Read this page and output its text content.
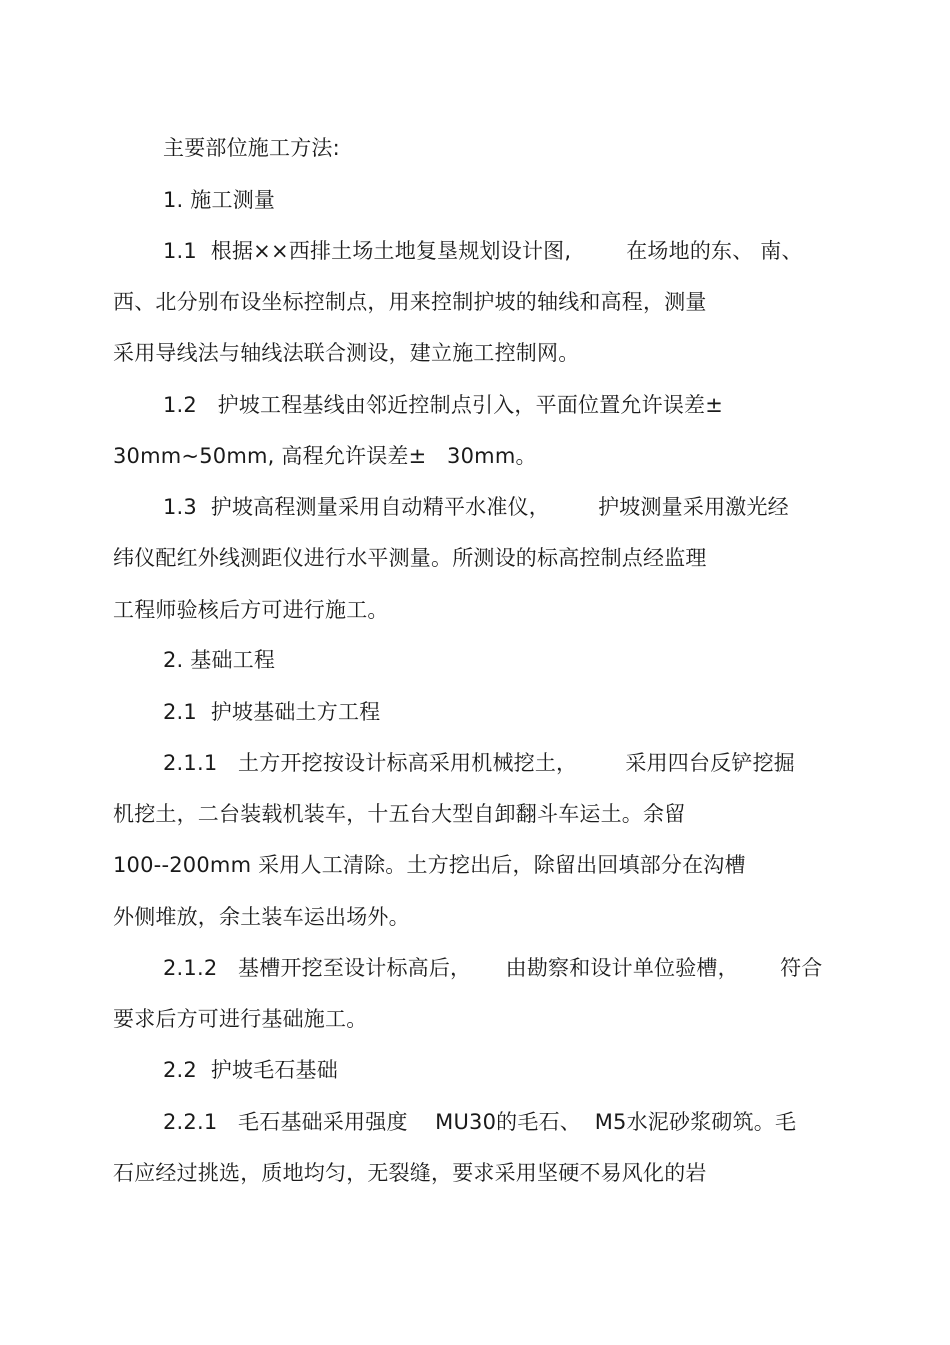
主要部位施工方法:
1. 施工测量
1.1  根据××西排土场土地复垦规划设计图,        在场地的东、 南、
西、北分别布设坐标控制点，用来控制护坡的轴线和高程，测量
采用导线法与轴线法联合测设，建立施工控制网。
1.2   护坡工程基线由邻近控制点引入，平面位置允许误差±
30mm~50mm, 高程允许误差±   30mm。
1.3  护坡高程测量采用自动精平水准仪，       护坡测量采用激光经
纬仪配红外线测距仪进行水平测量。所测设的标高控制点经监理
工程师验核后方可进行施工。
2. 基础工程
2.1  护坡基础土方工程
2.1.1   土方开挖按设计标高采用机械挖土，       采用四台反铲挖掘
机挖土，二台装载机装车，十五台大型自卸翻斗车运土。余留
100--200mm 采用人工清除。土方挖出后，除留出回填部分在沟槽
外侧堆放，余土装车运出场外。
2.1.2   基槽开挖至设计标高后，     由勘察和设计单位验槽，      符合
要求后方可进行基础施工。
2.2  护坡毛石基础
2.2.1   毛石基础采用强度    MU30的毛石、  M5水泥砂浆砌筑。毛
石应经过挑选，质地均匀，无裂缝，要求采用坚硬不易风化的岩
